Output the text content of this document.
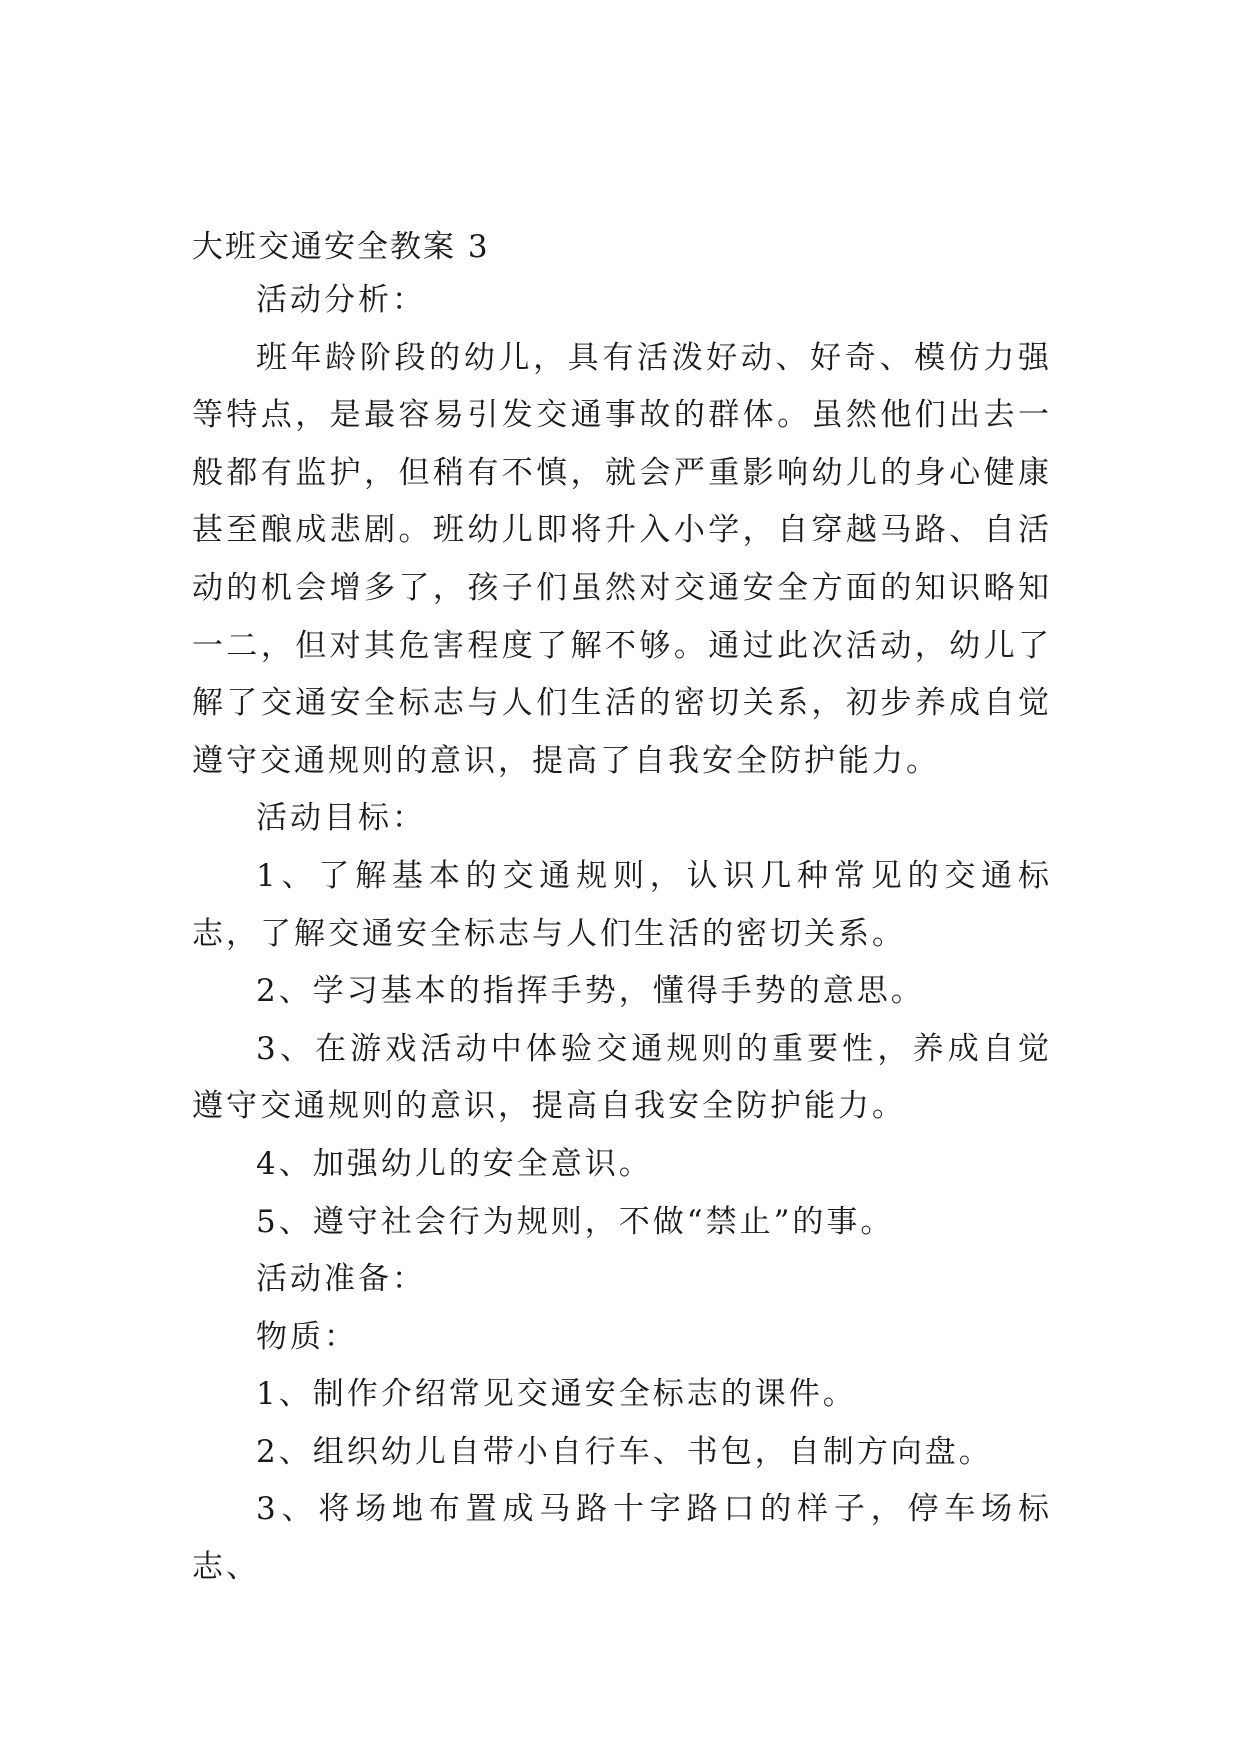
大班交通安全教案 3

活动分析：

班年龄阶段的幼儿，具有活泼好动、好奇、模仿力强等特点，是最容易引发交通事故的群体。虽然他们出去一般都有监护，但稍有不慎，就会严重影响幼儿的身心健康甚至酿成悲剧。班幼儿即将升入小学，自穿越马路、自活动的机会增多了，孩子们虽然对交通安全方面的知识略知一二，但对其危害程度了解不够。通过此次活动，幼儿了解了交通安全标志与人们生活的密切关系，初步养成自觉遵守交通规则的意识，提高了自我安全防护能力。

活动目标：

1、了解基本的交通规则，认识几种常见的交通标志，了解交通安全标志与人们生活的密切关系。

2、学习基本的指挥手势，懂得手势的意思。

3、在游戏活动中体验交通规则的重要性，养成自觉遵守交通规则的意识，提高自我安全防护能力。

4、加强幼儿的安全意识。

5、遵守社会行为规则，不做“禁止”的事。

活动准备：

物质：

1、制作介绍常见交通安全标志的课件。

2、组织幼儿自带小自行车、书包，自制方向盘。

3、将场地布置成马路十字路口的样子，停车场标志、
